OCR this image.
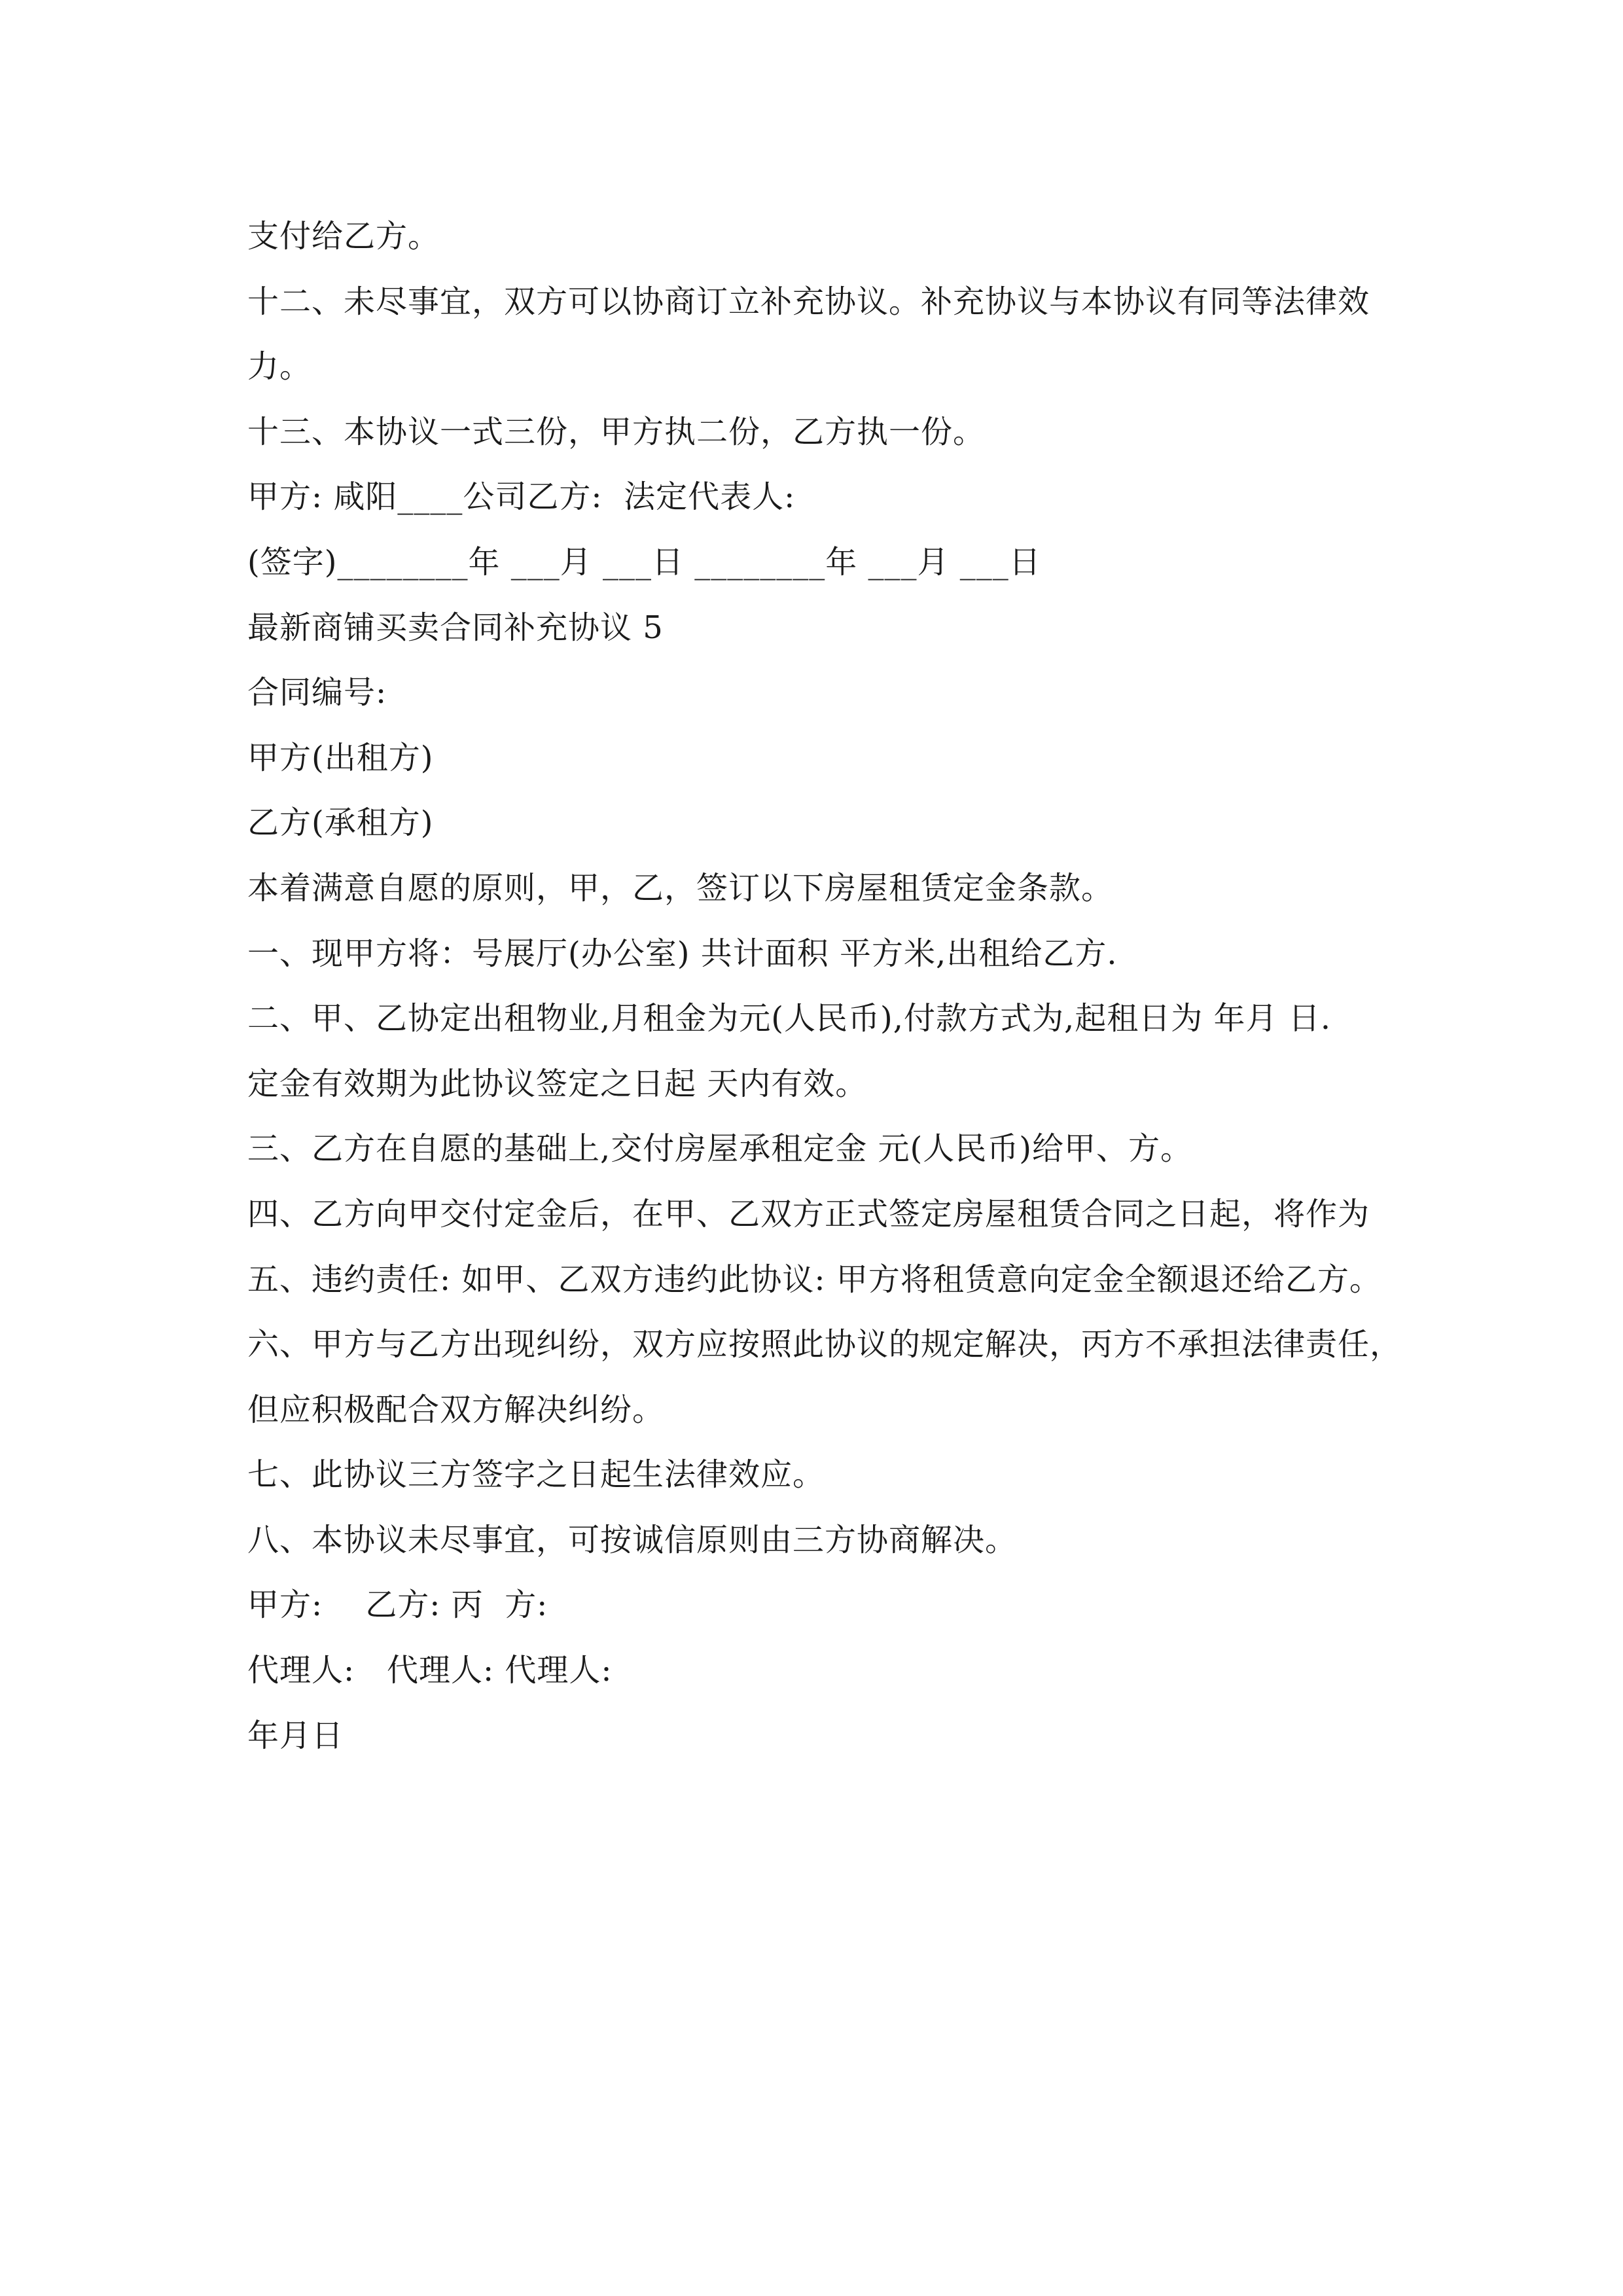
支付给乙方。
十二、未尽事宜，双方可以协商订立补充协议。补充协议与本协议有同等法律效
力。
十三、本协议一式三份，甲方执二份，乙方执一份。
甲方: 咸阳____公司乙方:  法定代表人:
(签字)________年 ___月 ___日 ________年 ___月 ___日
最新商铺买卖合同补充协议 5
合同编号:
甲方(出租方)
乙方(承租方)
本着满意自愿的原则，甲，乙，签订以下房屋租赁定金条款。
一、现甲方将：号展厅(办公室) 共计面积 平方米,出租给乙方.
二、甲、乙协定出租物业,月租金为元(人民币),付款方式为,起租日为 年月 日.
定金有效期为此协议签定之日起 天内有效。
三、乙方在自愿的基础上,交付房屋承租定金 元(人民币)给甲、方。
四、乙方向甲交付定金后，在甲、乙双方正式签定房屋租赁合同之日起，将作为
五、违约责任: 如甲、乙双方违约此协议: 甲方将租赁意向定金全额退还给乙方。
六、甲方与乙方出现纠纷，双方应按照此协议的规定解决，丙方不承担法律责任，
但应积极配合双方解决纠纷。
七、此协议三方签字之日起生法律效应。
八、本协议未尽事宜，可按诚信原则由三方协商解决。
甲方:    乙方: 丙  方:
代理人:   代理人: 代理人:
年月日
